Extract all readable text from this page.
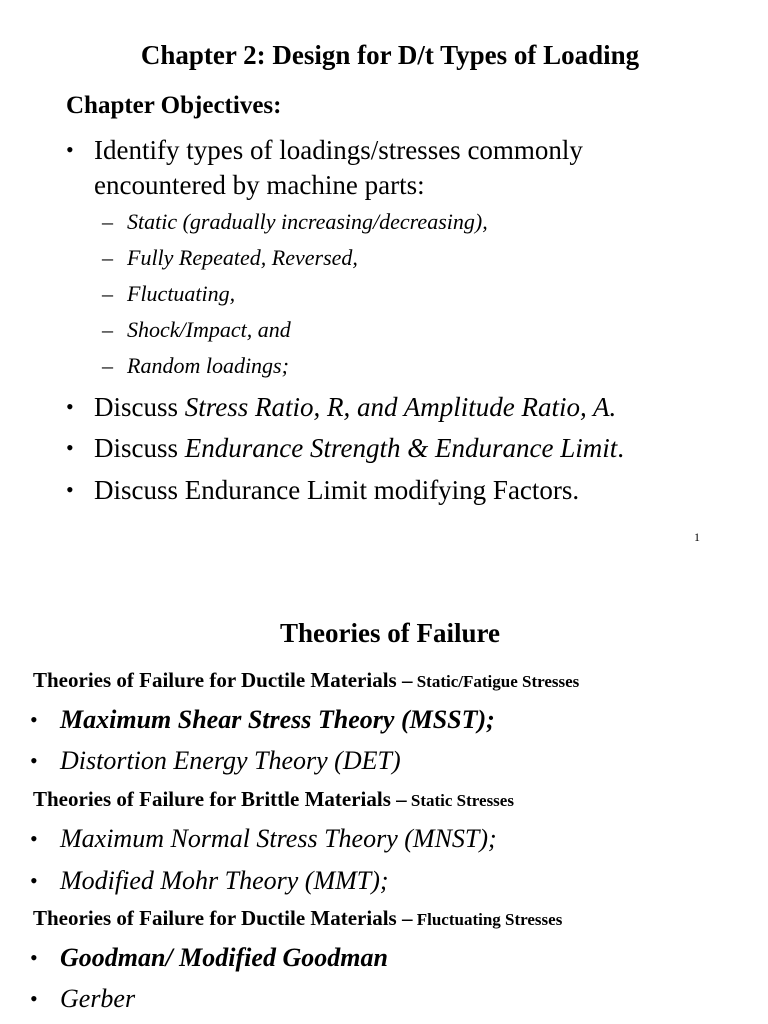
Chapter 2: Design for D/t Types of Loading
Chapter Objectives:
• Identify types of loadings/stresses commonly
encountered by machine parts:
– Static (gradually increasing/decreasing),
– Fully Repeated, Reversed,
– Fluctuating,
– Shock/Impact, and
– Random loadings;
• Discuss Stress Ratio, R, and Amplitude Ratio, A.
• Discuss Endurance Strength & Endurance Limit.
• Discuss Endurance Limit modifying Factors.
1
Theories of Failure
Theories of Failure for Ductile Materials – Static/Fatigue Stresses
• Maximum Shear Stress Theory (MSST);
• Distortion Energy Theory (DET)
Theories of Failure for Brittle Materials – Static Stresses
• Maximum Normal Stress Theory (MNST);
• Modified Mohr Theory (MMT);
Theories of Failure for Ductile Materials – Fluctuating Stresses
• Goodman/ Modified Goodman
• Gerber
